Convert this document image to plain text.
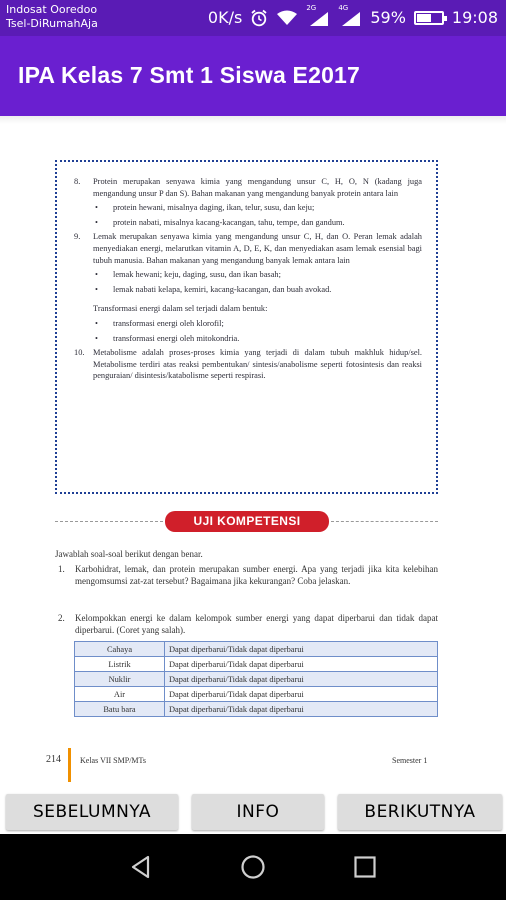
Indosat Ooredoo
Tsel-DiRumahAja	0K/s
2G	4G
59%	19:08
IPA Kelas 7 Smt 1 Siswa E2017
8. Protein merupakan senyawa kimia yang mengandung unsur C, H, O, N (kadang juga mengandung unsur P dan S). Bahan makanan yang mengandung banyak protein antara lain
• protein hewani, misalnya daging, ikan, telur, susu, dan keju;
• protein nabati, misalnya kacang-kacangan, tahu, tempe, dan gandum.
9. Lemak merupakan senyawa kimia yang mengandung unsur C, H, dan O. Peran lemak adalah menyediakan energi, melarutkan vitamin A, D, E, K, dan menyediakan asam lemak esensial bagi tubuh manusia. Bahan makanan yang mengandung banyak lemak antara lain
• lemak hewani; keju, daging, susu, dan ikan basah;
• lemak nabati kelapa, kemiri, kacang-kacangan, dan buah avokad.
Transformasi energi dalam sel terjadi dalam bentuk:
• transformasi energi oleh klorofil;
• transformasi energi oleh mitokondria.
10. Metabolisme adalah proses-proses kimia yang terjadi di dalam tubuh makhluk hidup/sel. Metabolisme terdiri atas reaksi pembentukan/ sintesis/anabolisme seperti fotosintesis dan reaksi penguraian/ disintesis/katabolisme seperti respirasi.
UJI KOMPETENSI
Jawablah soal-soal berikut dengan benar.
1. Karbohidrat, lemak, dan protein merupakan sumber energi. Apa yang terjadi jika kita kelebihan mengomsumsi zat-zat tersebut? Bagaimana jika kekurangan? Coba jelaskan.
2. Kelompokkan energi ke dalam kelompok sumber energi yang dapat diperbarui dan tidak dapat diperbarui. (Coret yang salah).
Cahaya	Dapat diperbarui/Tidak dapat diperbarui
Listrik	Dapat diperbarui/Tidak dapat diperbarui
Nuklir	Dapat diperbarui/Tidak dapat diperbarui
Air	Dapat diperbarui/Tidak dapat diperbarui
Batu bara	Dapat diperbarui/Tidak dapat diperbarui
214 Kelas VII SMP/MTs	Semester 1
SEBELUMNYA	INFO	BERIKUTNYA
